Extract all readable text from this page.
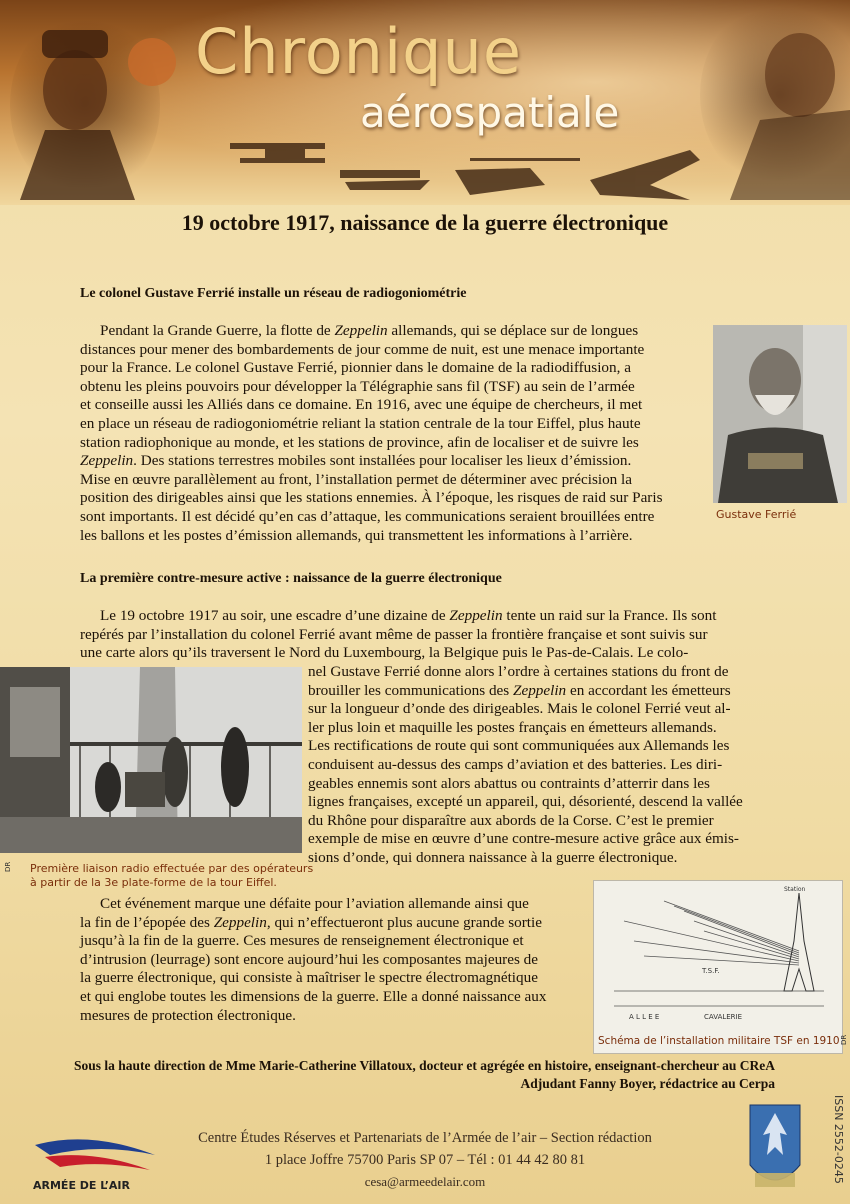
Chronique
aérospatiale
19 octobre 1917, naissance de la guerre électronique
Le colonel Gustave Ferrié installe un réseau de radiogoniométrie
Pendant la Grande Guerre, la flotte de Zeppelin allemands, qui se déplace sur de longues
distances pour mener des bombardements de jour comme de nuit, est une menace importante
pour la France. Le colonel Gustave Ferrié, pionnier dans le domaine de la radiodiffusion, a
obtenu les pleins pouvoirs pour développer la Télégraphie sans fil (TSF) au sein de l’armée
et conseille aussi les Alliés dans ce domaine. En 1916, avec une équipe de chercheurs, il met
en place un réseau de radiogoniométrie reliant la station centrale de la tour Eiffel, plus haute
station radiophonique au monde, et les stations de province, afin de localiser et de suivre les
Zeppelin. Des stations terrestres mobiles sont installées pour localiser les lieux d’émission.
Mise en œuvre parallèlement au front, l’installation permet de déterminer avec précision la
position des dirigeables ainsi que les stations ennemies. À l’époque, les risques de raid sur Paris
sont importants. Il est décidé qu’en cas d’attaque, les communications seraient brouillées entre
les ballons et les postes d’émission allemands, qui transmettent les informations à l’arrière.
Gustave Ferrié
La première contre-mesure active : naissance de la guerre électronique
Le 19 octobre 1917 au soir, une escadre d’une dizaine de Zeppelin tente un raid sur la France. Ils sont
repérés par l’installation du colonel Ferrié avant même de passer la frontière française et sont suivis sur
une carte alors qu’ils traversent le Nord du Luxembourg, la Belgique puis le Pas-de-Calais. Le colo-
DR Première liaison radio effectuée par des opérateurs
à partir de la 3e plate-forme de la tour Eiffel.
nel Gustave Ferrié donne alors l’ordre à certaines stations du front de
brouiller les communications des Zeppelin en accordant les émetteurs
sur la longueur d’onde des dirigeables. Mais le colonel Ferrié veut al-
ler plus loin et maquille les postes français en émetteurs allemands.
Les rectifications de route qui sont communiquées aux Allemands les
conduisent au-dessus des camps d’aviation et des batteries. Les diri-
geables ennemis sont alors abattus ou contraints d’atterrir dans les
lignes françaises, excepté un appareil, qui, désorienté, descend la vallée
du Rhône pour disparaître aux abords de la Corse. C’est le premier
exemple de mise en œuvre d’une contre-mesure active grâce aux émis-
sions d’onde, qui donnera naissance à la guerre électronique.
Cet événement marque une défaite pour l’aviation allemande ainsi que
la fin de l’épopée des Zeppelin, qui n’effectueront plus aucune grande sortie
jusqu’à la fin de la guerre. Ces mesures de renseignement électronique et
d’intrusion (leurrage) sont encore aujourd’hui les composantes majeures de
la guerre électronique, qui consiste à maîtriser le spectre électromagnétique
et qui englobe toutes les dimensions de la guerre. Elle a donné naissance aux
mesures de protection électronique.
T.S.F.
A L L E E	CAVALERIE
Station
Schéma de l’installation militaire TSF en 1910 DR
Sous la haute direction de Mme Marie-Catherine Villatoux, docteur et agrégée en histoire, enseignant-chercheur au CReA
Adjudant Fanny Boyer, rédactrice au Cerpa
ARMÉE DE L’AIR
Centre Études Réserves et Partenariats de l’Armée de l’air – Section rédaction
1 place Joffre 75700 Paris SP 07 – Tél : 01 44 42 80 81
cesa@armeedelair.com	ISSN 2552-0245
